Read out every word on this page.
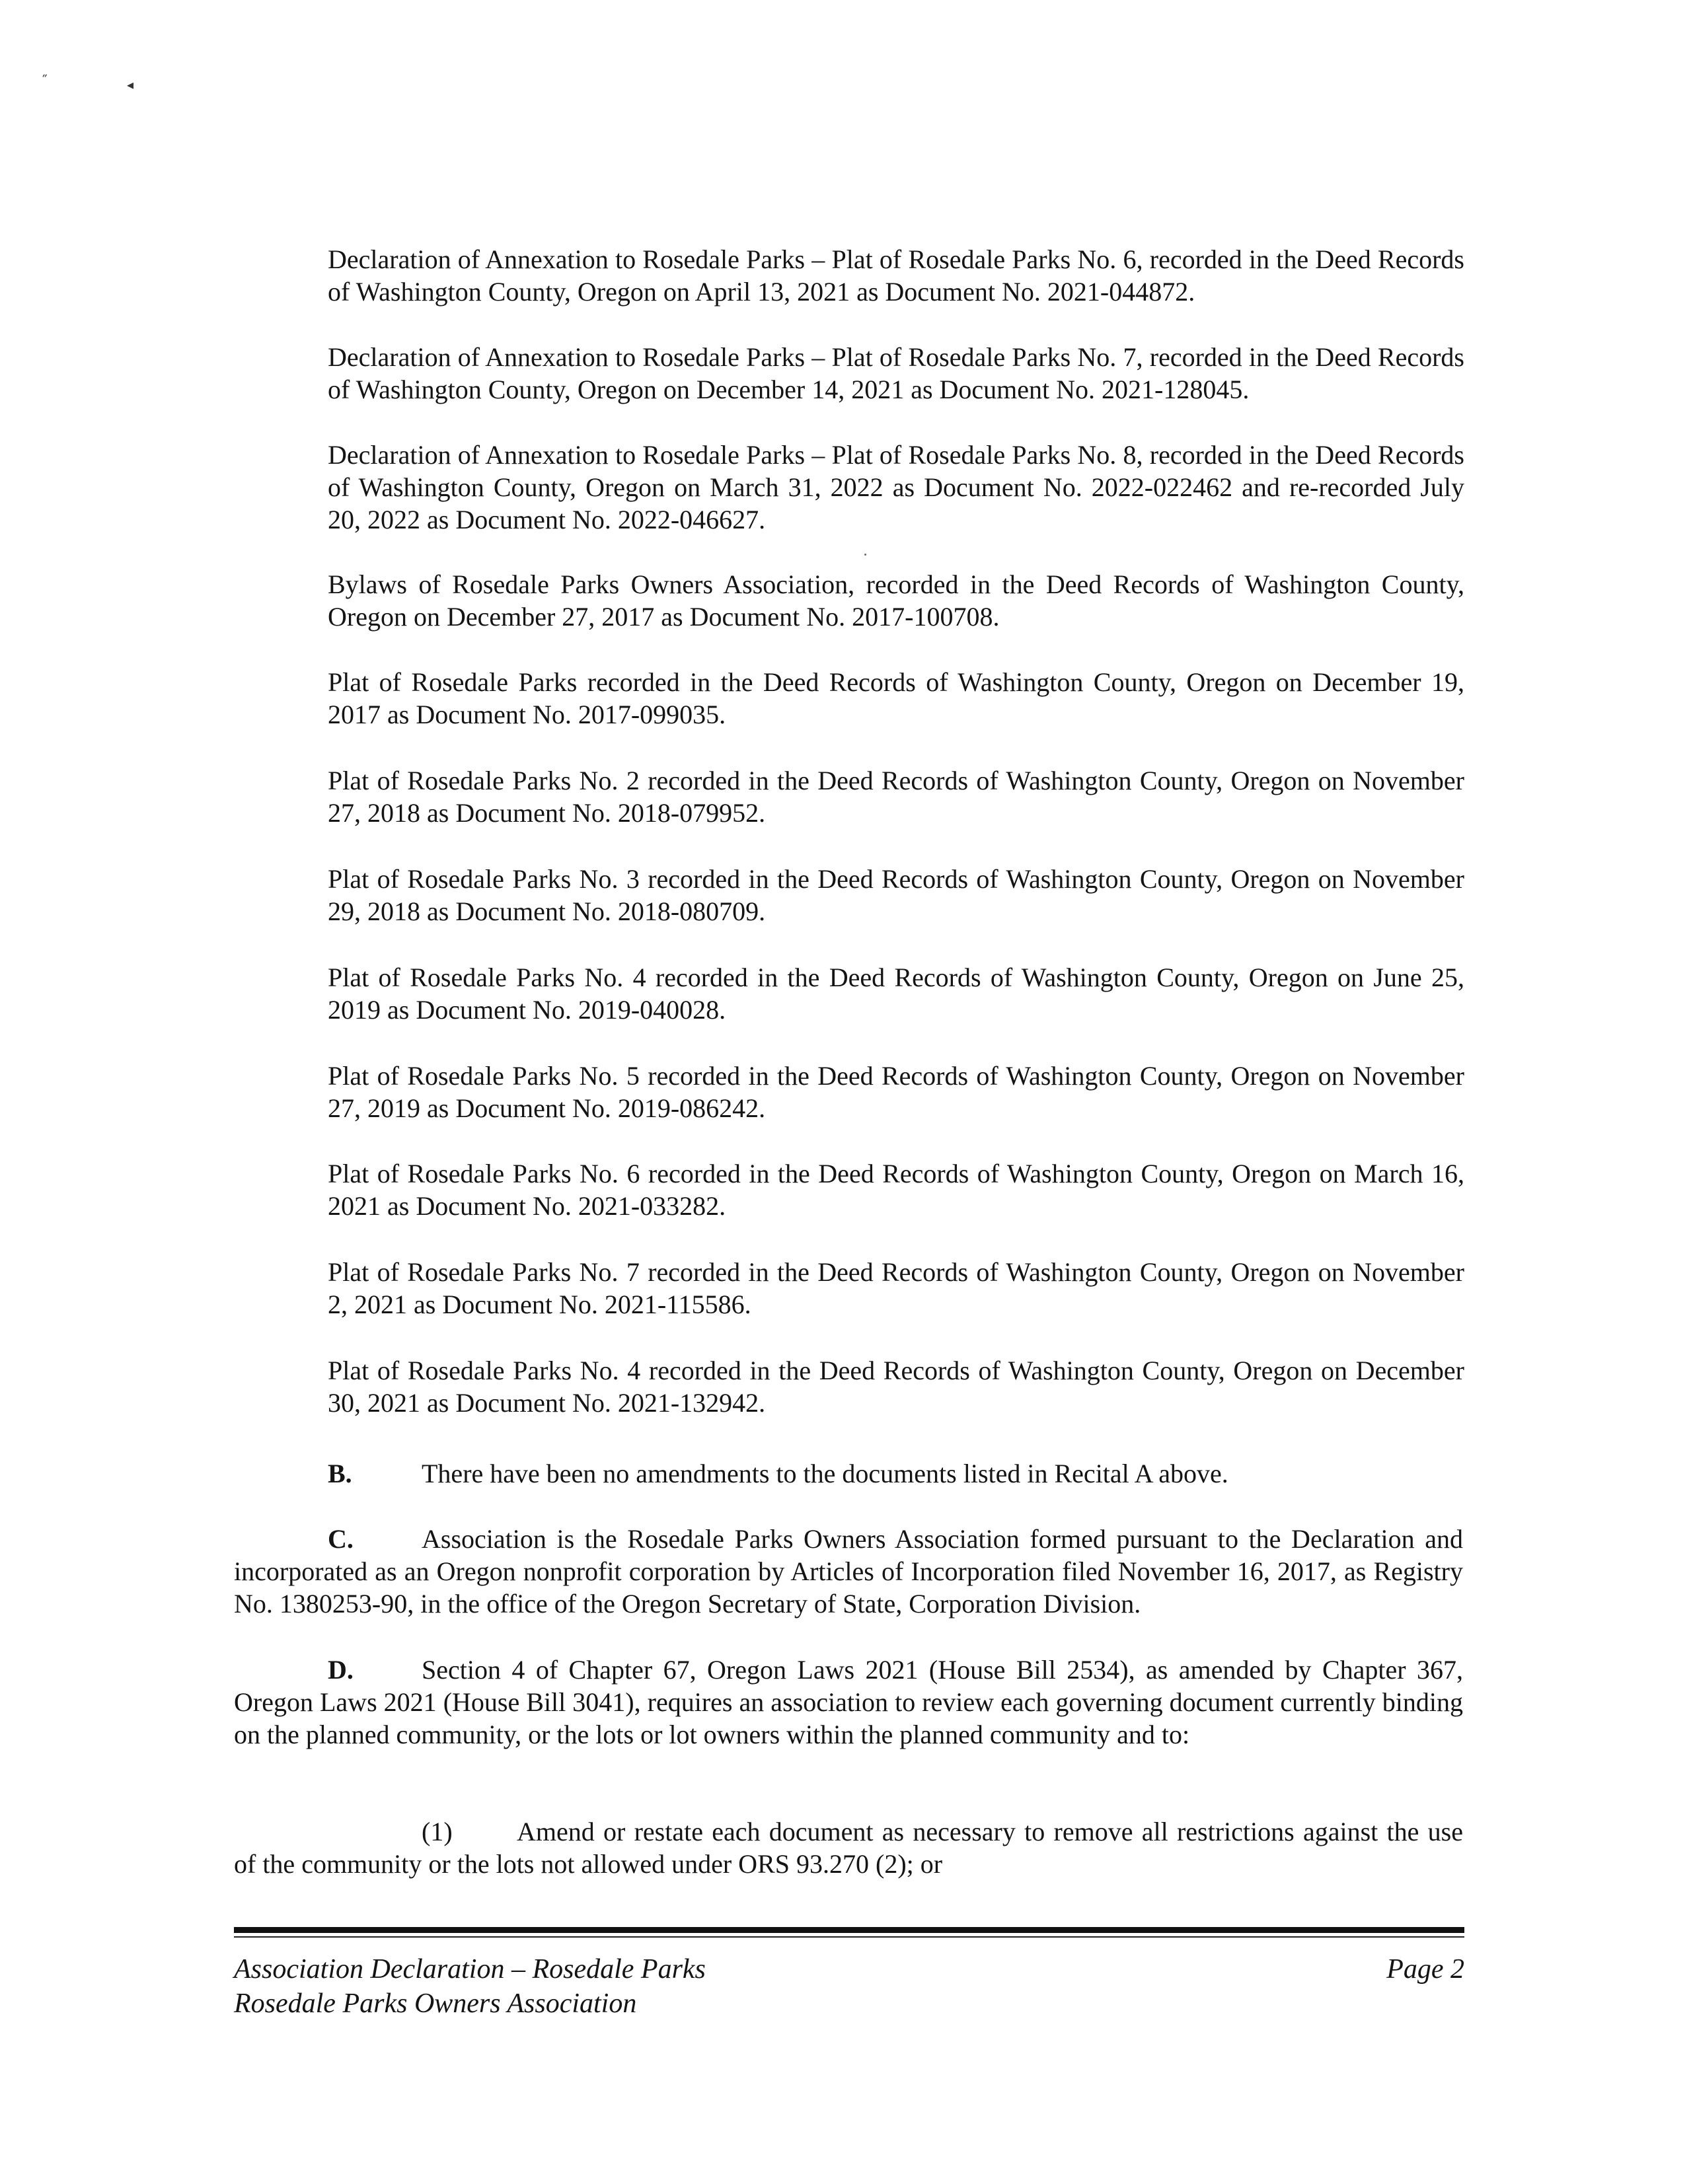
˝	◂

Declaration of Annexation to Rosedale Parks – Plat of Rosedale Parks No. 6, recorded in the Deed Records of Washington County, Oregon on April 13, 2021 as Document No. 2021-044872.

Declaration of Annexation to Rosedale Parks – Plat of Rosedale Parks No. 7, recorded in the Deed Records of Washington County, Oregon on December 14, 2021 as Document No. 2021-128045.

Declaration of Annexation to Rosedale Parks – Plat of Rosedale Parks No. 8, recorded in the Deed Records of Washington County, Oregon on March 31, 2022 as Document No. 2022-022462 and re-recorded July 20, 2022 as Document No. 2022-046627.

Bylaws of Rosedale Parks Owners Association, recorded in the Deed Records of Washington County, Oregon on December 27, 2017 as Document No. 2017-100708.

Plat of Rosedale Parks recorded in the Deed Records of Washington County, Oregon on December 19, 2017 as Document No. 2017-099035.

Plat of Rosedale Parks No. 2 recorded in the Deed Records of Washington County, Oregon on November 27, 2018 as Document No. 2018-079952.

Plat of Rosedale Parks No. 3 recorded in the Deed Records of Washington County, Oregon on November 29, 2018 as Document No. 2018-080709.

Plat of Rosedale Parks No. 4 recorded in the Deed Records of Washington County, Oregon on June 25, 2019 as Document No. 2019-040028.

Plat of Rosedale Parks No. 5 recorded in the Deed Records of Washington County, Oregon on November 27, 2019 as Document No. 2019-086242.

Plat of Rosedale Parks No. 6 recorded in the Deed Records of Washington County, Oregon on March 16, 2021 as Document No. 2021-033282.

Plat of Rosedale Parks No. 7 recorded in the Deed Records of Washington County, Oregon on November 2, 2021 as Document No. 2021-115586.

Plat of Rosedale Parks No. 4 recorded in the Deed Records of Washington County, Oregon on December 30, 2021 as Document No. 2021-132942.

B.	There have been no amendments to the documents listed in Recital A above.

C.	Association is the Rosedale Parks Owners Association formed pursuant to the Declaration and incorporated as an Oregon nonprofit corporation by Articles of Incorporation filed November 16, 2017, as Registry No. 1380253-90, in the office of the Oregon Secretary of State, Corporation Division.

D.	Section 4 of Chapter 67, Oregon Laws 2021 (House Bill 2534), as amended by Chapter 367, Oregon Laws 2021 (House Bill 3041), requires an association to review each governing document currently binding on the planned community, or the lots or lot owners within the planned community and to:

(1) Amend or restate each document as necessary to remove all restrictions against the use of the community or the lots not allowed under ORS 93.270 (2); or

Association Declaration – Rosedale Parks
Rosedale Parks Owners Association
Page 2
